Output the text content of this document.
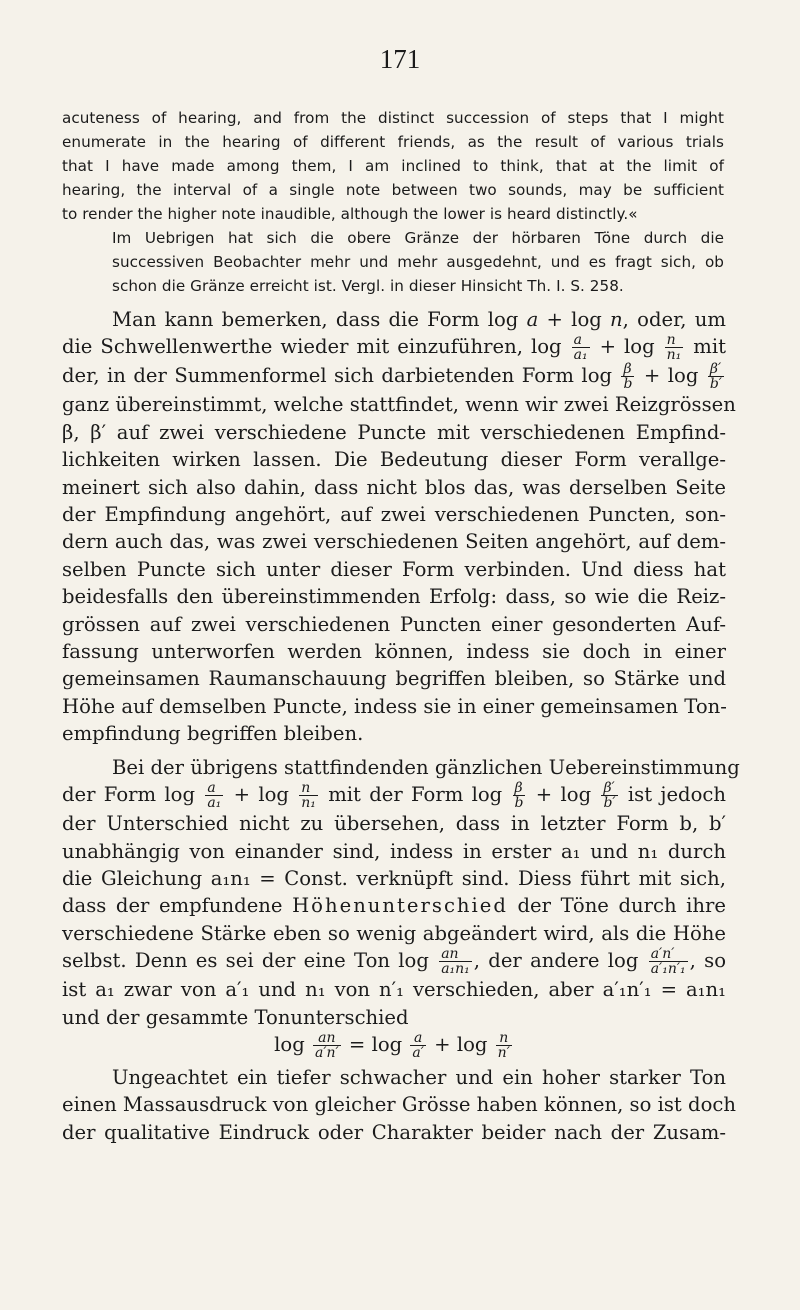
171

acuteness of hearing, and from the distinct succession of steps that I might
enumerate in the hearing of different friends, as the result of various trials
that I have made among them, I am inclined to think, that at the limit of
hearing, the interval of a single note between two sounds, may be sufficient
to render the higher note inaudible, although the lower is heard distinctly.«

Im Uebrigen hat sich die obere Gränze der hörbaren Töne durch die
successiven Beobachter mehr und mehr ausgedehnt, und es fragt sich, ob
schon die Gränze erreicht ist. Vergl. in dieser Hinsicht Th. I. S. 258.

Man kann bemerken, dass die Form log a + log n, oder, um
die Schwellenwerthe wieder mit einzuführen, $\log \frac{a}{\text{a₁}} + \log \frac{n}{\text{n₁}}$ mit
der, in der Summenformel sich darbietenden Form $\log \frac{\beta}{b} + \log \frac{\beta'}{b'}$
ganz übereinstimmt, welche stattfindet, wenn wir zwei Reizgrössen
β, β′ auf zwei verschiedene Puncte mit verschiedenen Empfind-
lichkeiten wirken lassen. Die Bedeutung dieser Form verallge-
meinert sich also dahin, dass nicht blos das, was derselben Seite
der Empfindung angehört, auf zwei verschiedenen Puncten, son-
dern auch das, was zwei verschiedenen Seiten angehört, auf dem-
selben Puncte sich unter dieser Form verbinden. Und diess hat
beidesfalls den übereinstimmenden Erfolg: dass, so wie die Reiz-
grössen auf zwei verschiedenen Puncten einer gesonderten Auf-
fassung unterworfen werden können, indess sie doch in einer
gemeinsamen Raumanschauung begriffen bleiben, so Stärke und
Höhe auf demselben Puncte, indess sie in einer gemeinsamen Ton-
empfindung begriffen bleiben.

Bei der übrigens stattfindenden gänzlichen Uebereinstimmung
der Form $\log \frac{a}{\text{a₁}} + \log \frac{n}{\text{n₁}}$ mit der Form $\log \frac{\beta}{b} + \log \frac{\beta'}{b'}$ ist jedoch
der Unterschied nicht zu übersehen, dass in letzter Form b, b′
unabhängig von einander sind, indess in erster a₁ und n₁ durch
die Gleichung a₁n₁ = Const. verknüpft sind. Diess führt mit sich,
dass der empfundene Höhenunterschied der Töne durch ihre
verschiedene Stärke eben so wenig abgeändert wird, als die Höhe
selbst. Denn es sei der eine Ton $\log \frac{an}{\text{a₁n₁}}$ , der andere $\log \frac{a'n'}{\text{a′₁n′₁}}$ , so
ist a₁ zwar von a′₁ und n₁ von n′₁ verschieden, aber a′₁n′₁ = a₁n₁
und der gesammte Tonunterschied
$\log \frac{an}{a'n'} = \log \frac{a}{a'} + \log \frac{n}{n'}$

Ungeachtet ein tiefer schwacher und ein hoher starker Ton
einen Massausdruck von gleicher Grösse haben können, so ist doch
der qualitative Eindruck oder Charakter beider nach der Zusam-
